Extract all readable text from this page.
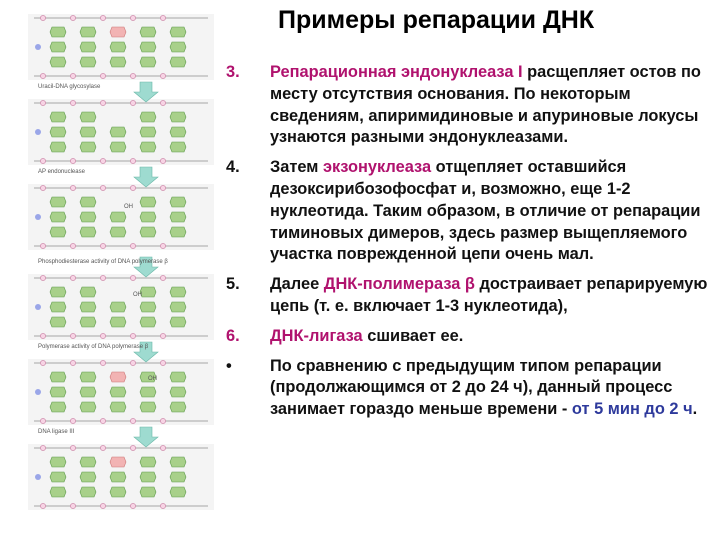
Uracil-DNA glycosylase
AP endonuclease
Phosphodiesterase activity of DNA polymerase β
Polymerase activity of DNA polymerase β
DNA ligase III
OH
OH
OH
Примеры репарации ДНК
3. Репарационная эндонуклеаза I расщепляет остов по месту отсутствия основания. По некоторым сведениям, апиримидиновые и апуриновые локусы узнаются разными эндонуклеазами.
4. Затем экзонуклеаза отщепляет оставшийся дезоксирибозофосфат и, возможно, еще 1-2 нуклеотида. Таким образом, в отличие от репарации тиминовых димеров, здесь размер выщепляемого участка поврежденной цепи очень мал.
5. Далее ДНК-полимераза β достраивает репарируемую цепь (т. е. включает 1-3 нуклеотида),
6. ДНК-лигаза сшивает ее.
• По сравнению с предыдущим типом репарации (продолжающимся от 2 до 24 ч), данный процесс занимает гораздо меньше времени - от 5 мин до 2 ч.
